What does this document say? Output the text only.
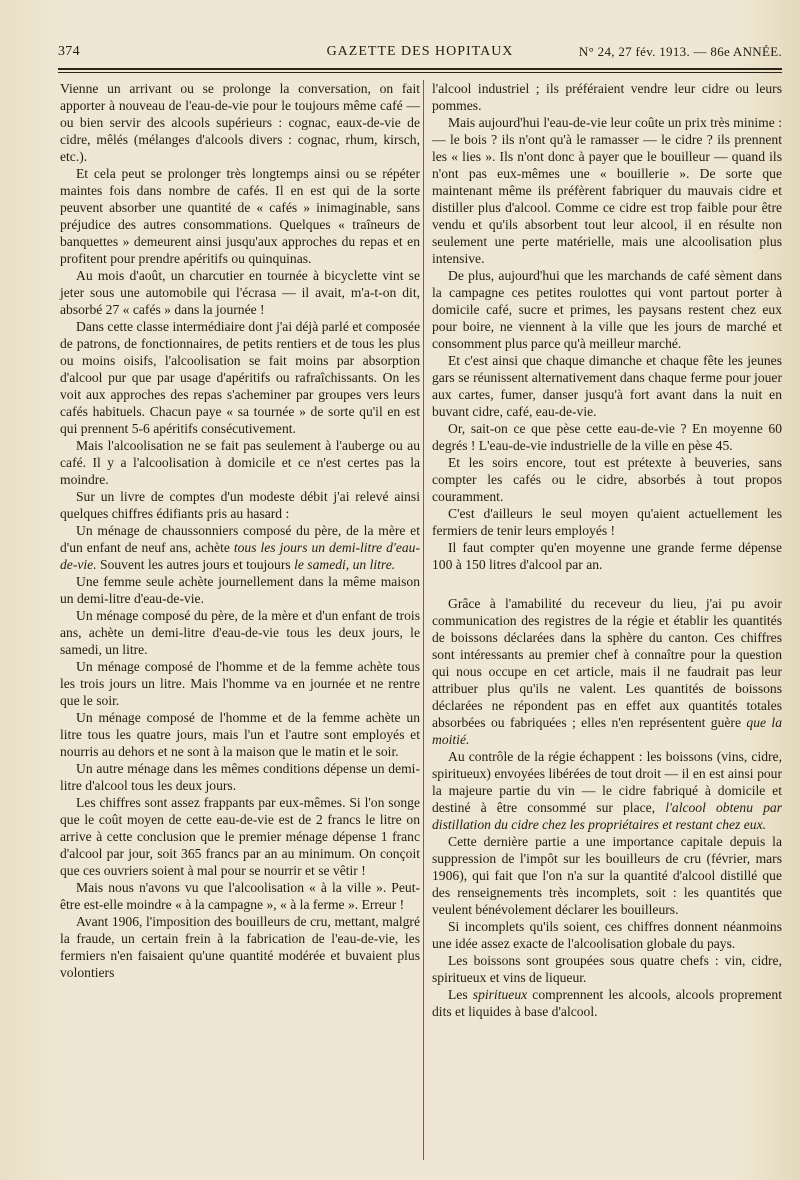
374	GAZETTE DES HOPITAUX	N° 24, 27 fév. 1913. — 86e ANNÉE.

Vienne un arrivant ou se prolonge la conversation, on fait apporter à nouveau de l'eau-de-vie pour le toujours même café — ou bien servir des alcools supérieurs : cognac, eaux-de-vie de cidre, mêlés (mélanges d'alcools divers : cognac, rhum, kirsch, etc.).

Et cela peut se prolonger très longtemps ainsi ou se répéter maintes fois dans nombre de cafés. Il en est qui de la sorte peuvent absorber une quantité de « cafés » inimaginable, sans préjudice des autres consommations. Quelques « traîneurs de banquettes » demeurent ainsi jusqu'aux approches du repas et en profitent pour prendre apéritifs ou quinquinas.

Au mois d'août, un charcutier en tournée à bicyclette vint se jeter sous une automobile qui l'écrasa — il avait, m'a-t-on dit, absorbé 27 « cafés » dans la journée !

Dans cette classe intermédiaire dont j'ai déjà parlé et composée de patrons, de fonctionnaires, de petits rentiers et de tous les plus ou moins oisifs, l'alcoolisation se fait moins par absorption d'alcool pur que par usage d'apéritifs ou rafraîchissants. On les voit aux approches des repas s'acheminer par groupes vers leurs cafés habituels. Chacun paye « sa tournée » de sorte qu'il en est qui prennent 5-6 apéritifs consécutivement.

Mais l'alcoolisation ne se fait pas seulement à l'auberge ou au café. Il y a l'alcoolisation à domicile et ce n'est certes pas la moindre.

Sur un livre de comptes d'un modeste débit j'ai relevé ainsi quelques chiffres édifiants pris au hasard :

Un ménage de chaussonniers composé du père, de la mère et d'un enfant de neuf ans, achète tous les jours un demi-litre d'eau-de-vie. Souvent les autres jours et toujours le samedi, un litre.

Une femme seule achète journellement dans la même maison un demi-litre d'eau-de-vie.

Un ménage composé du père, de la mère et d'un enfant de trois ans, achète un demi-litre d'eau-de-vie tous les deux jours, le samedi, un litre.

Un ménage composé de l'homme et de la femme achète tous les trois jours un litre. Mais l'homme va en journée et ne rentre que le soir.

Un ménage composé de l'homme et de la femme achète un litre tous les quatre jours, mais l'un et l'autre sont employés et nourris au dehors et ne sont à la maison que le matin et le soir.

Un autre ménage dans les mêmes conditions dépense un demi-litre d'alcool tous les deux jours.

Les chiffres sont assez frappants par eux-mêmes. Si l'on songe que le coût moyen de cette eau-de-vie est de 2 francs le litre on arrive à cette conclusion que le premier ménage dépense 1 franc d'alcool par jour, soit 365 francs par an au minimum. On conçoit que ces ouvriers soient à mal pour se nourrir et se vêtir !

Mais nous n'avons vu que l'alcoolisation « à la ville ». Peut-être est-elle moindre « à la campagne », « à la ferme ». Erreur !

Avant 1906, l'imposition des bouilleurs de cru, mettant, malgré la fraude, un certain frein à la fabrication de l'eau-de-vie, les fermiers n'en faisaient qu'une quantité modérée et buvaient plus volontiers

l'alcool industriel ; ils préféraient vendre leur cidre ou leurs pommes.

Mais aujourd'hui l'eau-de-vie leur coûte un prix très minime : — le bois ? ils n'ont qu'à le ramasser — le cidre ? ils prennent les « lies ». Ils n'ont donc à payer que le bouilleur — quand ils n'ont pas eux-mêmes une « bouillerie ». De sorte que maintenant même ils préfèrent fabriquer du mauvais cidre et distiller plus d'alcool. Comme ce cidre est trop faible pour être vendu et qu'ils absorbent tout leur alcool, il en résulte non seulement une perte matérielle, mais une alcoolisation plus intensive.

De plus, aujourd'hui que les marchands de café sèment dans la campagne ces petites roulottes qui vont partout porter à domicile café, sucre et primes, les paysans restent chez eux pour boire, ne viennent à la ville que les jours de marché et consomment plus parce qu'à meilleur marché.

Et c'est ainsi que chaque dimanche et chaque fête les jeunes gars se réunissent alternativement dans chaque ferme pour jouer aux cartes, fumer, danser jusqu'à fort avant dans la nuit en buvant cidre, café, eau-de-vie.

Or, sait-on ce que pèse cette eau-de-vie ? En moyenne 60 degrés ! L'eau-de-vie industrielle de la ville en pèse 45.

Et les soirs encore, tout est prétexte à beuveries, sans compter les cafés ou le cidre, absorbés à tout propos couramment.

C'est d'ailleurs le seul moyen qu'aient actuellement les fermiers de tenir leurs employés !

Il faut compter qu'en moyenne une grande ferme dépense 100 à 150 litres d'alcool par an.

Grâce à l'amabilité du receveur du lieu, j'ai pu avoir communication des registres de la régie et établir les quantités de boissons déclarées dans la sphère du canton. Ces chiffres sont intéressants au premier chef à connaître pour la question qui nous occupe en cet article, mais il ne faudrait pas leur attribuer plus qu'ils ne valent. Les quantités de boissons déclarées ne répondent pas en effet aux quantités totales absorbées ou fabriquées ; elles n'en représentent guère que la moitié.

Au contrôle de la régie échappent : les boissons (vins, cidre, spiritueux) envoyées libérées de tout droit — il en est ainsi pour la majeure partie du vin — le cidre fabriqué à domicile et destiné à être consommé sur place, l'alcool obtenu par distillation du cidre chez les propriétaires et restant chez eux.

Cette dernière partie a une importance capitale depuis la suppression de l'impôt sur les bouilleurs de cru (février, mars 1906), qui fait que l'on n'a sur la quantité d'alcool distillé que des renseignements très incomplets, soit : les quantités que veulent bénévolement déclarer les bouilleurs.

Si incomplets qu'ils soient, ces chiffres donnent néanmoins une idée assez exacte de l'alcoolisation globale du pays.

Les boissons sont groupées sous quatre chefs : vin, cidre, spiritueux et vins de liqueur.

Les spiritueux comprennent les alcools, alcools proprement dits et liquides à base d'alcool.
